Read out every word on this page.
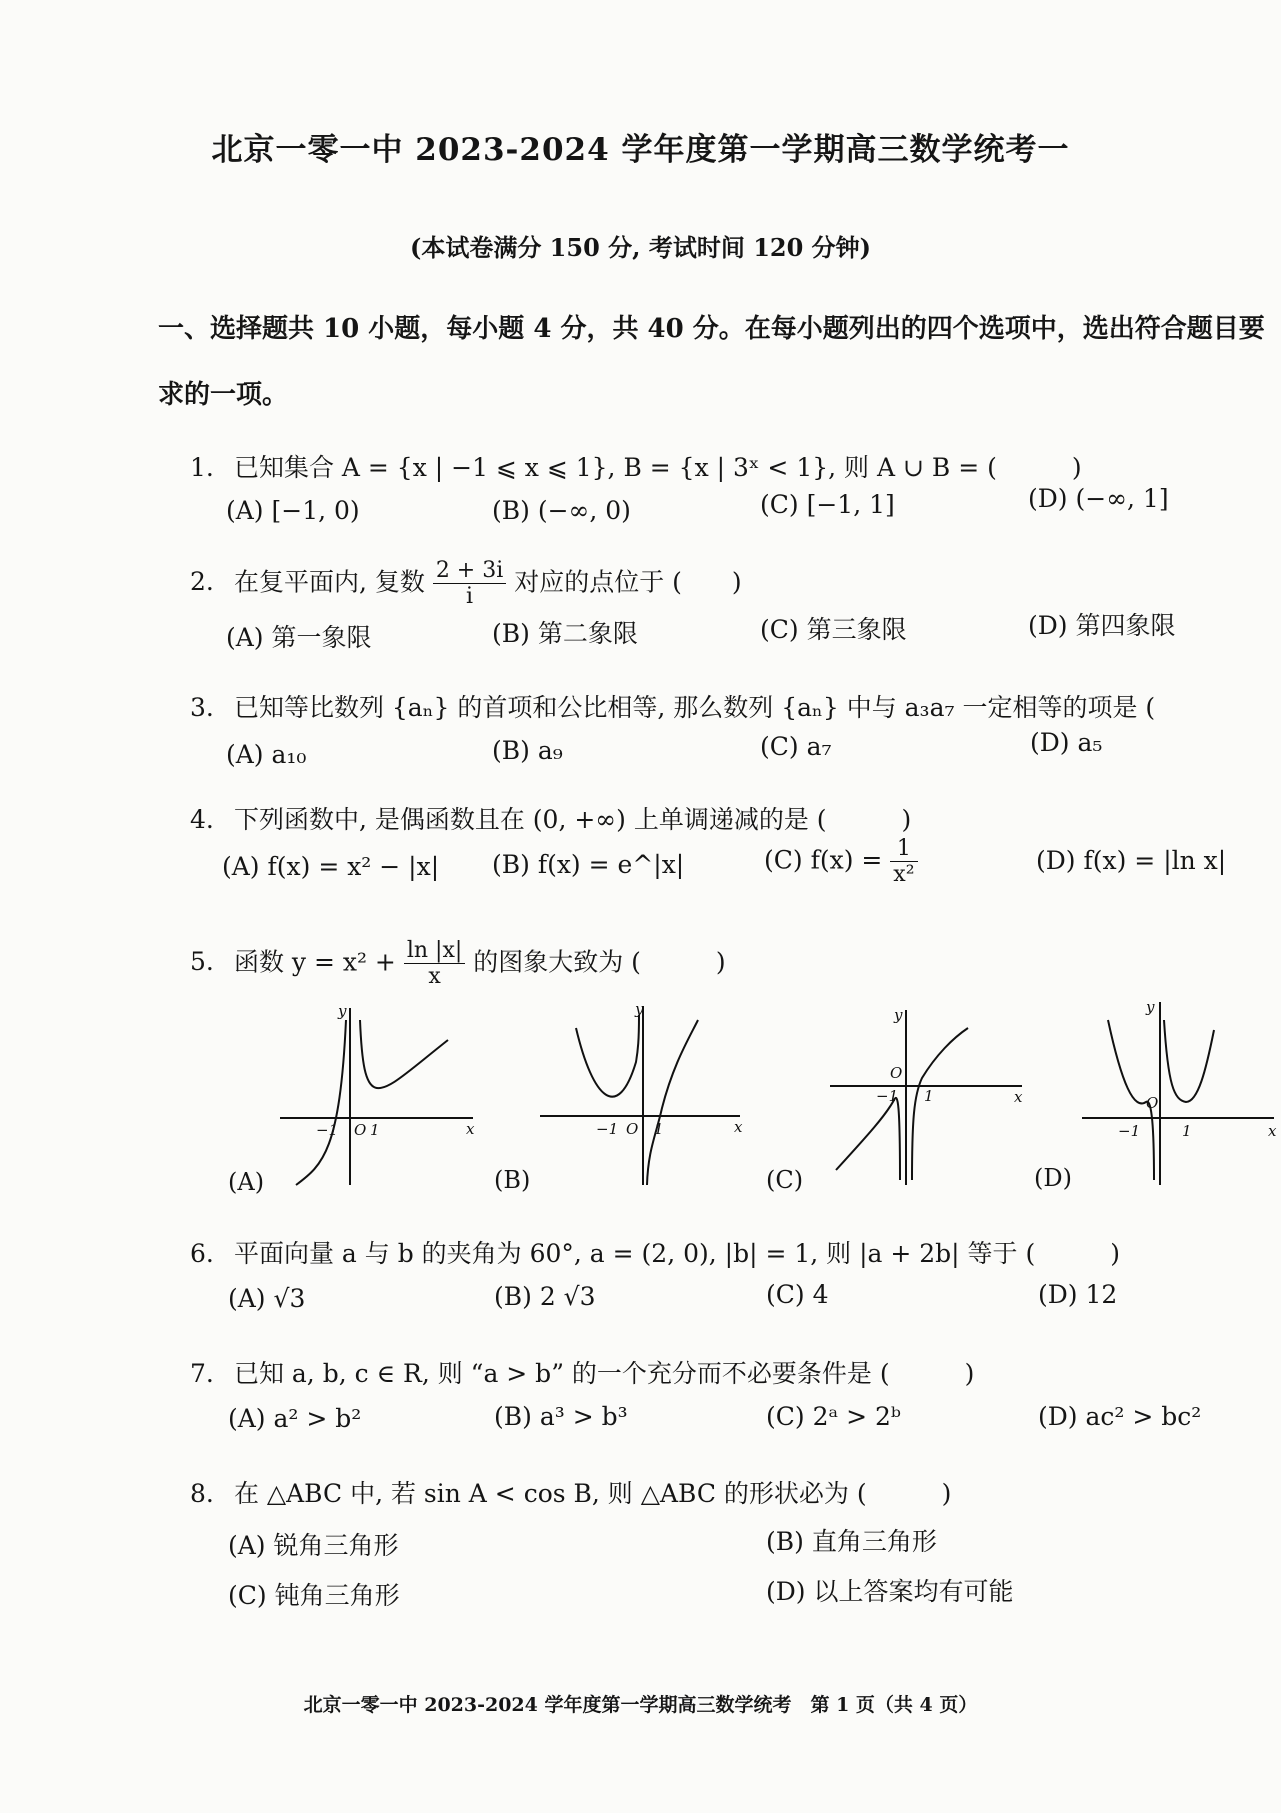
北京一零一中 2023-2024 学年度第一学期高三数学统考一
(本试卷满分 150 分, 考试时间 120 分钟)
一、选择题共 10 小题，每小题 4 分，共 40 分。在每小题列出的四个选项中，选出符合题目要求的一项。
1. 已知集合 A = {x | −1 ⩽ x ⩽ 1}, B = {x | 3ˣ < 1}, 则 A ∪ B = (　　　)
(A) [−1, 0)	(B) (−∞, 0)	(C) [−1, 1]	(D) (−∞, 1]
2. 在复平面内, 复数 $\frac{2 + 3i}{i}$ 对应的点位于 (　　)
(A) 第一象限	(B) 第二象限	(C) 第三象限	(D) 第四象限
3. 已知等比数列 {aₙ} 的首项和公比相等, 那么数列 {aₙ} 中与 a₃a₇ 一定相等的项是 (
(A) a₁₀	(B) a₉	(C) a₇	(D) a₅
4. 下列函数中, 是偶函数且在 (0, +∞) 上单调递减的是 (　　　)
(A) f(x) = x² − |x| (B) f(x) = e^|x|	(C) $f(x) = \frac{1}{\text{x²}}$	(D) f(x) = |ln x|
5. 函数 $y = x^2 + \frac{\ln |x|}{x}$ 的图象大致为 (　　　)
y
x
−1 O 1
(A)
y
x
−1 O 1
(B)
y
x
−1
O
1
(C)
y
x
−1
O
1
(D)
6. 平面向量 a 与 b 的夹角为 60°, a = (2, 0), |b| = 1, 则 |a + 2b| 等于 (　　　)
(A) √3	(B) 2 √3	(C) 4	(D) 12
7. 已知 a, b, c ∈ R, 则 “a > b” 的一个充分而不必要条件是 (　　　)
(A) a² > b²	(B) a³ > b³	(C) 2ᵃ > 2ᵇ	(D) ac² > bc²
8. 在 △ABC 中, 若 sin A < cos B, 则 △ABC 的形状必为 (　　　)
(A) 锐角三角形	(B) 直角三角形
(C) 钝角三角形	(D) 以上答案均有可能
北京一零一中 2023-2024 学年度第一学期高三数学统考　第 1 页（共 4 页）
